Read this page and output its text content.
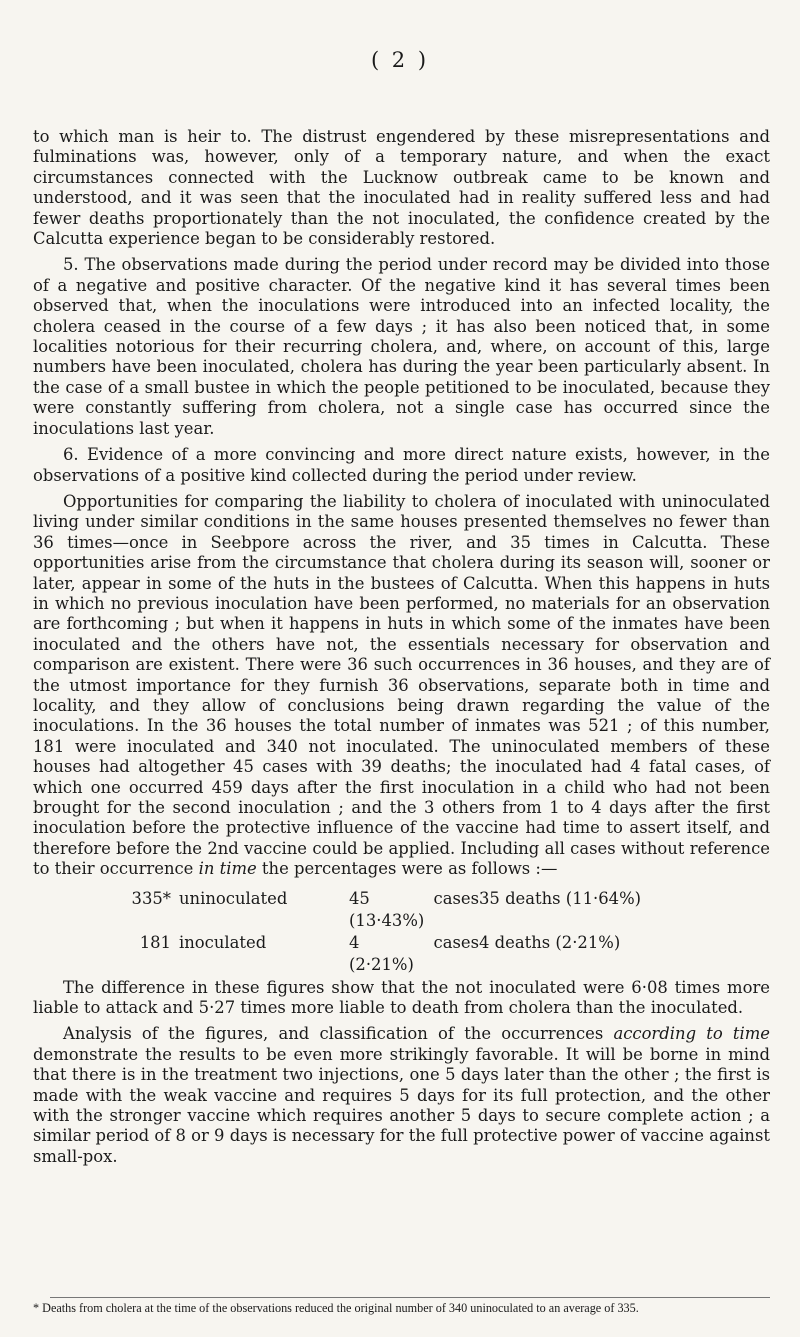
( 2 )

to which man is heir to. The distrust engendered by these misrepresentations and fulminations was, however, only of a temporary nature, and when the exact circumstances connected with the Lucknow outbreak came to be known and understood, and it was seen that the inoculated had in reality suffered less and had fewer deaths proportionately than the not inoculated, the confidence created by the Calcutta experience began to be considerably restored.

5. The observations made during the period under record may be divided into those of a negative and positive character. Of the negative kind it has several times been observed that, when the inoculations were introduced into an infected locality, the cholera ceased in the course of a few days ; it has also been noticed that, in some localities notorious for their recurring cholera, and, where, on account of this, large numbers have been inoculated, cholera has during the year been particularly absent. In the case of a small bustee in which the people petitioned to be inoculated, because they were constantly suffering from cholera, not a single case has occurred since the inoculations last year.

6. Evidence of a more convincing and more direct nature exists, however, in the observations of a positive kind collected during the period under review.

Opportunities for comparing the liability to cholera of inoculated with uninoculated living under similar conditions in the same houses presented themselves no fewer than 36 times—once in Seebpore across the river, and 35 times in Calcutta. These opportunities arise from the circumstance that cholera during its season will, sooner or later, appear in some of the huts in the bustees of Calcutta. When this happens in huts in which no previous inoculation have been performed, no materials for an observation are forthcoming ; but when it happens in huts in which some of the inmates have been inoculated and the others have not, the essentials necessary for observation and comparison are existent. There were 36 such occurrences in 36 houses, and they are of the utmost importance for they furnish 36 observations, separate both in time and locality, and they allow of conclusions being drawn regarding the value of the inoculations. In the 36 houses the total number of inmates was 521 ; of this number, 181 were inoculated and 340 not inoculated. The uninoculated members of these houses had altogether 45 cases with 39 deaths; the inoculated had 4 fatal cases, of which one occurred 459 days after the first inoculation in a child who had not been brought for the second inoculation ; and the 3 others from 1 to 4 days after the first inoculation before the protective influence of the vaccine had time to assert itself, and therefore before the 2nd vaccine could be applied. Including all cases without reference to their occurrence in time the percentages were as follows :—

335* uninoculated	45 cases (13·43%)
35 deaths (11·64%)
181 inoculated	4 cases (2·21%)
4 deaths (2·21%)

The difference in these figures show that the not inoculated were 6·08 times more liable to attack and 5·27 times more liable to death from cholera than the inoculated.

Analysis of the figures, and classification of the occurrences according to time demonstrate the results to be even more strikingly favorable. It will be borne in mind that there is in the treatment two injections, one 5 days later than the other ; the first is made with the weak vaccine and requires 5 days for its full protection, and the other with the stronger vaccine which requires another 5 days to secure complete action ; a similar period of 8 or 9 days is necessary for the full protective power of vaccine against small-pox.

* Deaths from cholera at the time of the observations reduced the original number of 340 uninoculated to an average of 335.
